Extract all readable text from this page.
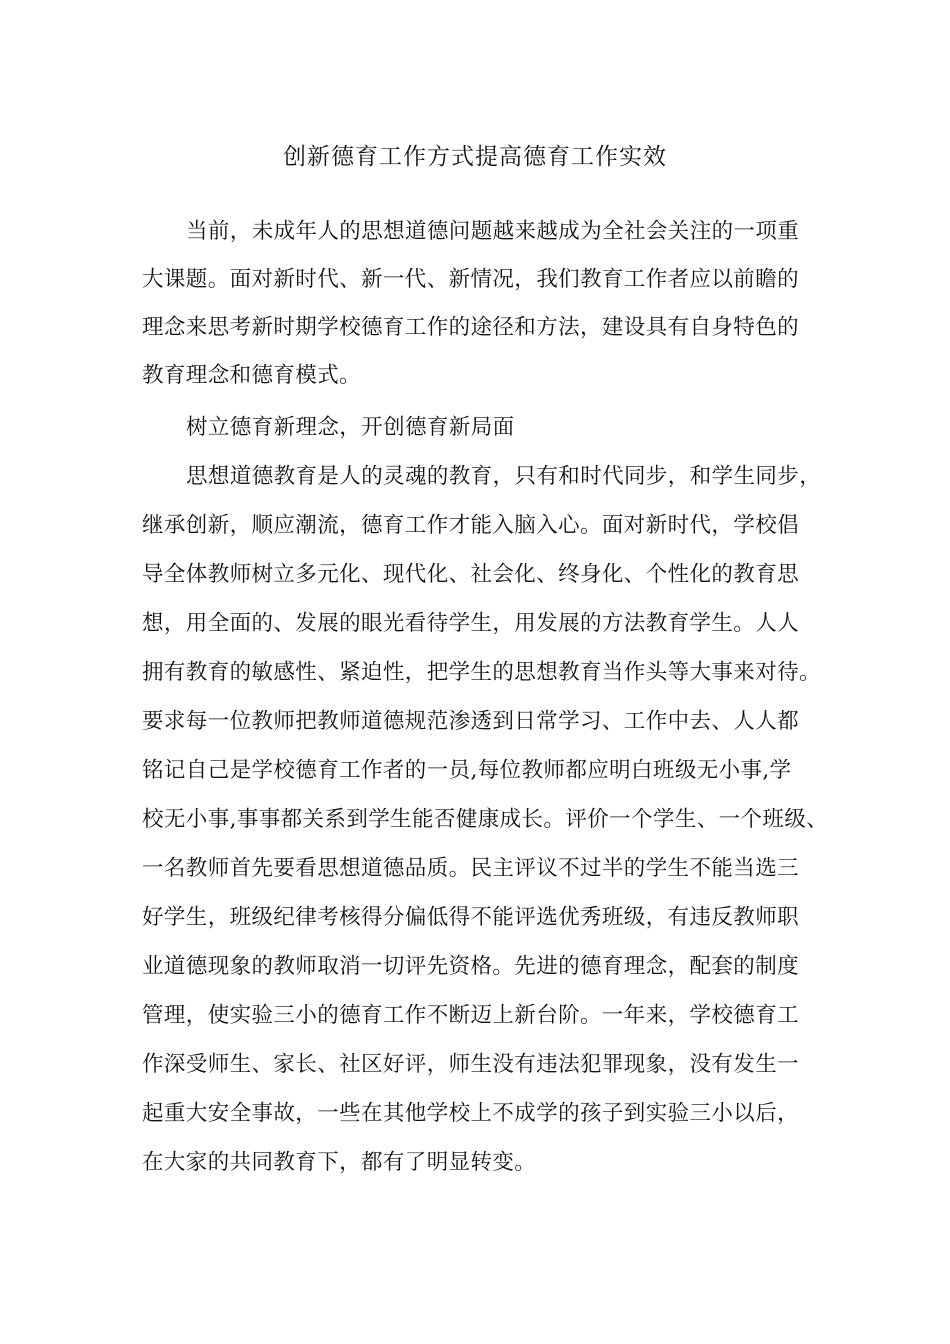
创新德育工作方式提高德育工作实效
当前，未成年人的思想道德问题越来越成为全社会关注的一项重
大课题。面对新时代、新一代、新情况，我们教育工作者应以前瞻的
理念来思考新时期学校德育工作的途径和方法，建设具有自身特色的
教育理念和德育模式。
树立德育新理念，开创德育新局面
思想道德教育是人的灵魂的教育，只有和时代同步，和学生同步，
继承创新，顺应潮流，德育工作才能入脑入心。面对新时代，学校倡
导全体教师树立多元化、现代化、社会化、终身化、个性化的教育思
想，用全面的、发展的眼光看待学生，用发展的方法教育学生。人人
拥有教育的敏感性、紧迫性，把学生的思想教育当作头等大事来对待。
要求每一位教师把教师道德规范渗透到日常学习、工作中去、人人都
铭记自己是学校德育工作者的一员,每位教师都应明白班级无小事,学
校无小事,事事都关系到学生能否健康成长。评价一个学生、一个班级、
一名教师首先要看思想道德品质。民主评议不过半的学生不能当选三
好学生，班级纪律考核得分偏低得不能评选优秀班级，有违反教师职
业道德现象的教师取消一切评先资格。先进的德育理念，配套的制度
管理，使实验三小的德育工作不断迈上新台阶。一年来，学校德育工
作深受师生、家长、社区好评，师生没有违法犯罪现象，没有发生一
起重大安全事故，一些在其他学校上不成学的孩子到实验三小以后，
在大家的共同教育下，都有了明显转变。
